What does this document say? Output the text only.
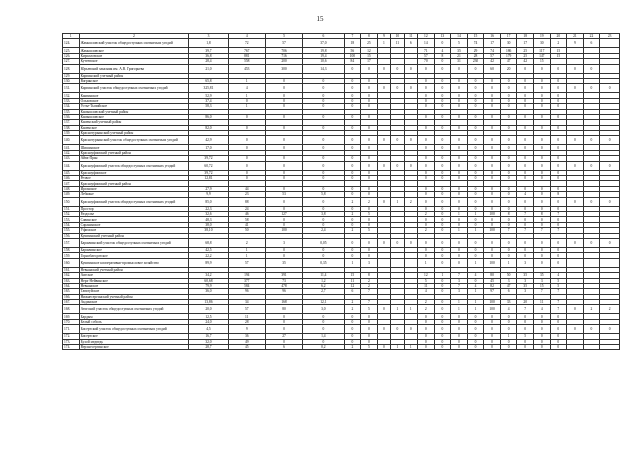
15
1	2	3	4	5	6	7	8	9	10	11	12	13	14	15	16	17	18	19	20	21	22	23
124.	Жамьшловский участок общедоступных охотничьих угодий	1,8	72	57	37,0	18	25	1	11	6	14	0	5	74	17	30	17	30	2	9	6	
125.	Жамьшловское	39,7	767	706	19,8	56	12				71	4	35	29	74	186	25	117	15			
126.	Кирилловское	36,8	881	716	19,4	100	15				57	8	21	28	57	179	25	147	15			
127.	Кутеевское	28,4	558	200	10,6	84	17				70	0	31	230	42	47	42	15				
128.	Юрьевский заказник им. А.В. Григорьева	21,0	453	300	14,3	0	0	0	0	0	0	0	0	0	60	20	0	0	0	0	0	
129.	Карпинский учетный район																					
130.	Вагранское	65,8	1	0	0	0	0				0	0	0	0	0	0	0	0	0			
131.	Карпинский участок общедоступных охотничьих угодий	325,81	4	0	0	0	0	0	0	0	0	0	0	0	0	0	0	0	0	0	0	0
132.	Каквинское	52,9	1	0	0	0	0				0	0	0	0	0	0	0	0	0			
133.	Ольховское	37,4	0	0	0	0	0				0	0	0	0	0	0	0	0	0			
134.	Устье-Тыпийское	58,3	1	0	0	0	0				0	0	0	0	0	0	0	0	0			
135.	Камышловский учетный район																					
136.	Камышловское	86,0	0	0	0	0	0				0	0	0	0	0	0	0	0	0			
137.	Каменский учетный район																					
138.	Каменское	82,0	0	0	0	0	0				0	0	0	0	0	0	0	0	0			
139.	Краснотурьинский учетный район																					
140.	Краснотурьинский участок общедоступных охотничьих угодий	42,9	0	0	0	0	0	0	0	0	0	0	0	0	0	0	0	0	0	0	0	0
141.	Шишинское	17,0	0	0	0	0	0				0	0	0	0	0	0	0	0	0			
142.	Красноуфимский учетный район																					
143.	Айва-Пран	39,72	0	0	0	0	0				0	0	0	0	0	0	0	0	0			
144.	Красноуфимский участок общедоступных охотничьих угодий	60,72	0	0	0	0	0	0	0	0	0	0	0	0	0	0	0	0	0	0	0	0
145.	Красноуфимское	39,72	0	0	0	0	0				0	0	0	0	0	0	0	0	0			
146.	Резвое	12,81	0	0	0	0	0				0	0	0	0	0	0	0	0	0			
147.	Красноуфимский учетный район																					
148.	Ирганское	27,9	44	0	0	0	0				0	0	0	0	0	0	0	0	0			
149.	Лебяжье	9,9	23	53	5,8	0	0				0	0	0	0	0	0	4	0	8			
150.	Красноуфимский участок общедоступных охотничьих угодий	85,0	88	0	0	2	2	0	1	2	0	0	0	0	0	0	0	0	0	0	0	0
151.	Простор	22,3	24	0	0	0	0				0	0	0	0	0	0	0	0	0			
152.	Раздолье	32,6	46	127	3,8	2	5				2	0	1	1	100	8	7	8	7			
153.	Савинское	48,3	58	0	0	0	0				0	0	0	0	0	0	0	0	0			
154.	Саранинское	38,0	41	0	0	0	0				0	0	0	0	0	0	0	0	0			
155.	Уфимское	38,10	50	100	2,4	2	5				2	0	1	1	100	7	7	7	7			
156.	Кушвинский учетный район																					
157.	Баранчинский участок общедоступных охотничьих угодий	68,8	2	3	0,05	0	0	0	0	0	0	0	0	0	0	0	0	0	0	0	0	0
158.	Баранчинское	42,5	1	0	0	0	0				0	0	0	0	0	0	0	0	0			
159.	Горнобагодатское	22,2	1	0	0	0	0				0	0	0	0	0	0	0	0	0			
160.	Кушвинское кооперативно-промысловое хозяйство	89,9	57	35	0,35	1	3				1	0	0	1	100	1	3	0	0			
161.	Невьянский учетный район																					
162.	Аятское	34,2	194	391	11,4	15	8				12	1	7	4	80	50	35	35	4			
163.	Нерх-Нейвинское	60,68	377	73	1,2	11	2				5	0	3	0	45	3	3	3	5			
164.	Невьянское	79,9	584	478	6,2	12	2				11	0	7	4	82	47	35	15	5			
165.	Таватуйское	36,0	96	96	2,7	6	7				4	0	3	1	97	6	3	7	7			
166.	Нижнесергинский учетный район																					
167.	Акдинское	13,86	34	168	12,1	2	7				2	0	1	1	100	33	20	11	7			
168.	Атигский участок общедоступных охотничьих угодий	20,0	57	80	3,0	2	5	0	1	1	2	0	1	1	100	4	7	4	7	0	2	2
169.	Бардым	12,5	11	0	0	0	0				0	0	0	0	0	0	0	0	0			
170.	Белый соболь	24,0	28	0	0	0	0				0	0	0	0	0	0	0	0	0			
171.	Бисертский участок общедоступных охотничьих угодий	4,5	9	0	0	0	0	0	0	0	0	0	0	0	0	0	0	0	0	0	0	0
172.	Бисертское	16,7	36	27	1,4	0	0				0	0	0	0	0	1	5	0	0			
173.	Бухой медведь	32,0	49	0	0	0	0				0	0	0	0	0	0	0	0	0			
174.	Верхнесергинское	28,7	45	6	0,2	2	5	0	1	1	0	0	0	0	0	0	0	0	0			
